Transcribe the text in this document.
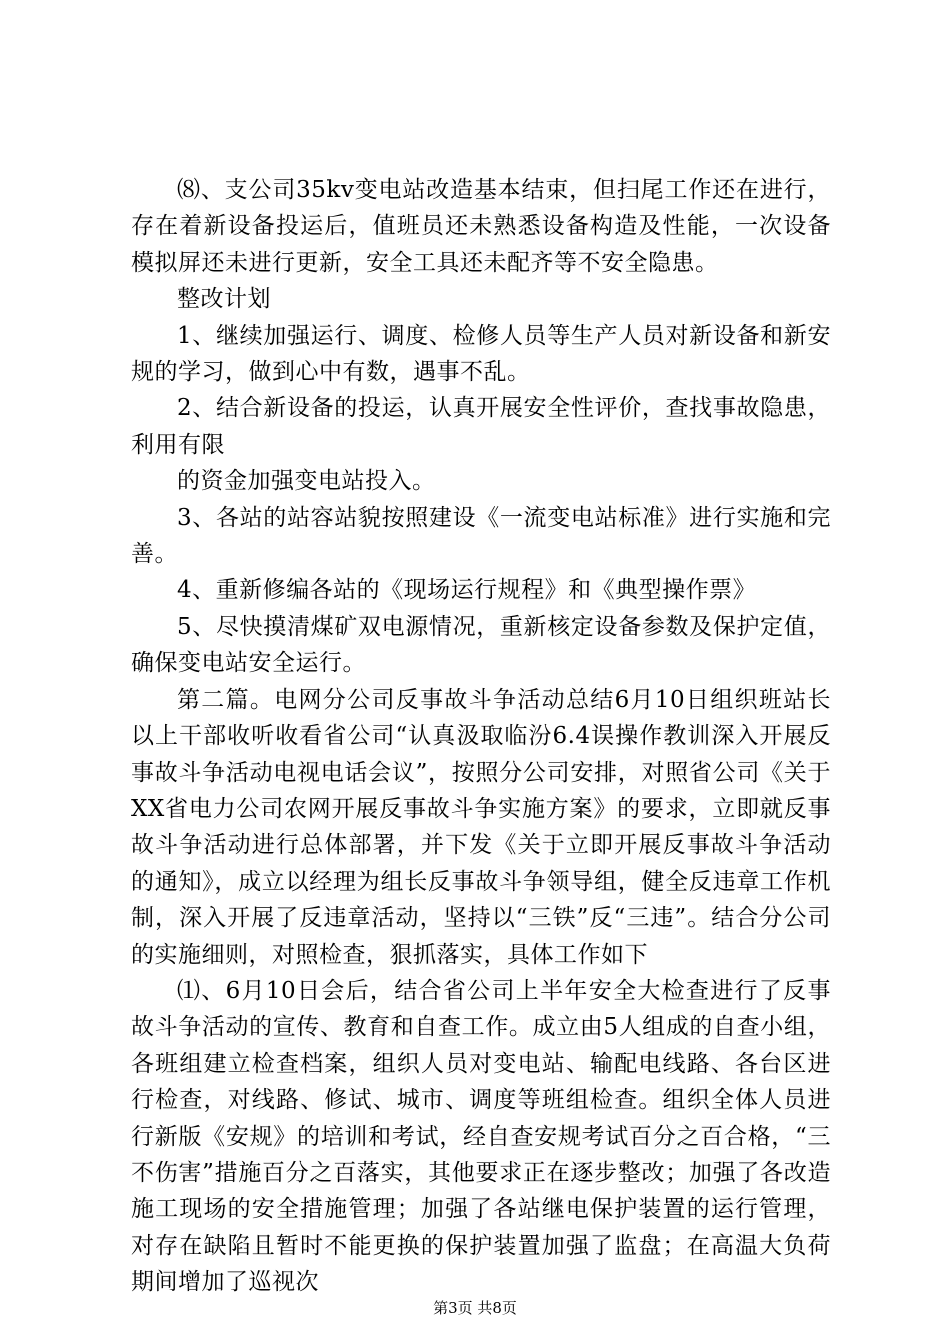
⑻、支公司35kv变电站改造基本结束，但扫尾工作还在进行，存在着新设备投运后，值班员还未熟悉设备构造及性能，一次设备模拟屏还未进行更新，安全工具还未配齐等不安全隐患。

整改计划

1、继续加强运行、调度、检修人员等生产人员对新设备和新安规的学习，做到心中有数，遇事不乱。

2、结合新设备的投运，认真开展安全性评价，查找事故隐患，利用有限

的资金加强变电站投入。

3、各站的站容站貌按照建设《一流变电站标准》进行实施和完善。

4、重新修编各站的《现场运行规程》和《典型操作票》

5、尽快摸清煤矿双电源情况，重新核定设备参数及保护定值，确保变电站安全运行。

第二篇。电网分公司反事故斗争活动总结6月10日组织班站长以上干部收听收看省公司“认真汲取临汾6.4误操作教训深入开展反事故斗争活动电视电话会议”，按照分公司安排，对照省公司《关于XX省电力公司农网开展反事故斗争实施方案》的要求，立即就反事故斗争活动进行总体部署，并下发《关于立即开展反事故斗争活动的通知》，成立以经理为组长反事故斗争领导组，健全反违章工作机制，深入开展了反违章活动，坚持以“三铁”反“三违”。结合分公司的实施细则，对照检查，狠抓落实，具体工作如下

⑴、6月10日会后，结合省公司上半年安全大检查进行了反事故斗争活动的宣传、教育和自查工作。成立由5人组成的自查小组，各班组建立检查档案，组织人员对变电站、输配电线路、各台区进行检查，对线路、修试、城市、调度等班组检查。组织全体人员进行新版《安规》的培训和考试，经自查安规考试百分之百合格，“三不伤害”措施百分之百落实，其他要求正在逐步整改；加强了各改造施工现场的安全措施管理；加强了各站继电保护装置的运行管理，对存在缺陷且暂时不能更换的保护装置加强了监盘；在高温大负荷期间增加了巡视次

第3页 共8页
